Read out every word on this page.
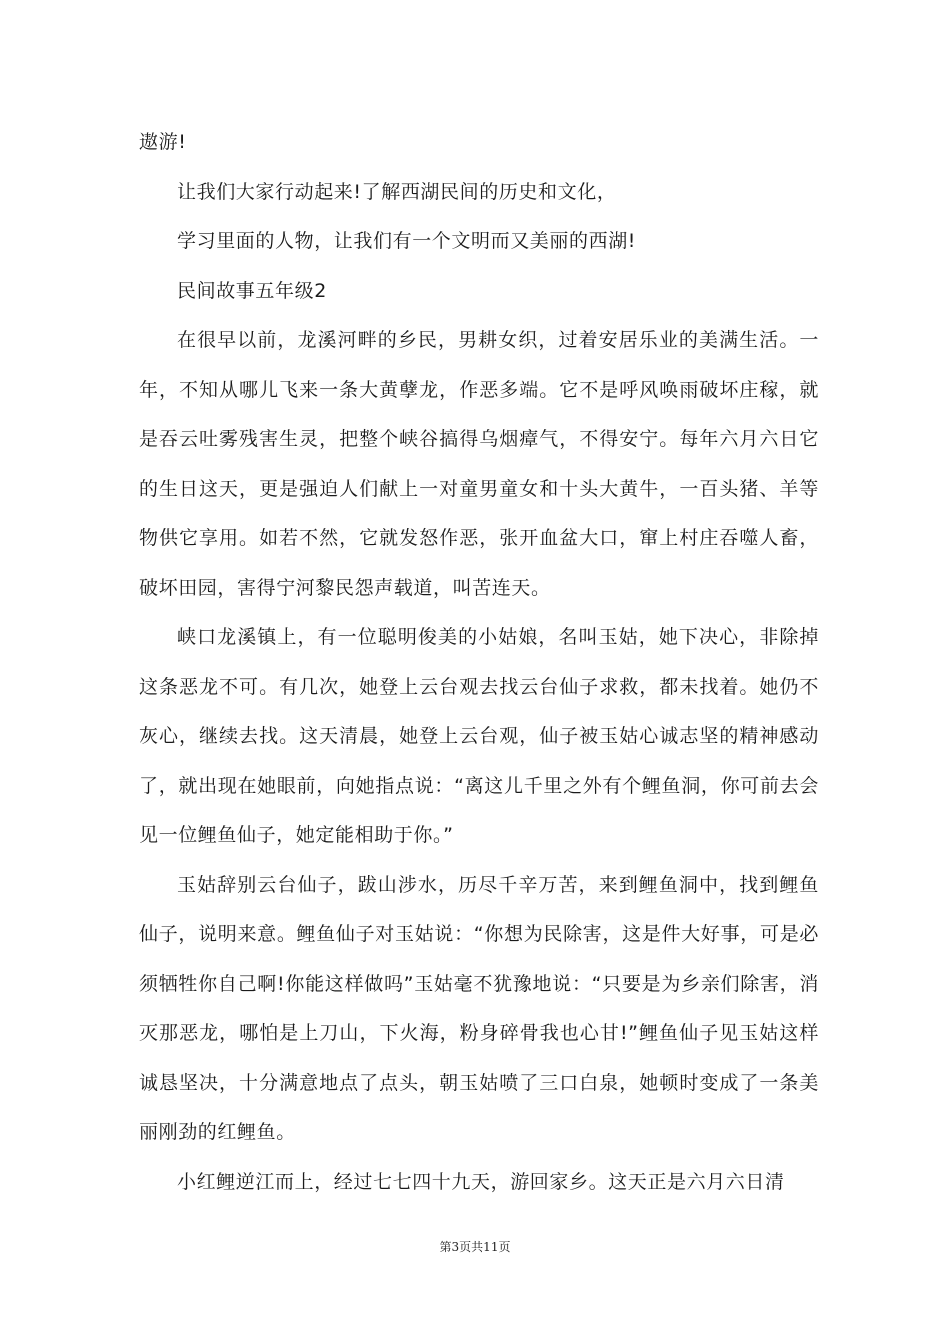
遨游!

让我们大家行动起来!了解西湖民间的历史和文化，

学习里面的人物，让我们有一个文明而又美丽的西湖!

民间故事五年级2

在很早以前，龙溪河畔的乡民，男耕女织，过着安居乐业的美满生活。一年，不知从哪儿飞来一条大黄孽龙，作恶多端。它不是呼风唤雨破坏庄稼，就是吞云吐雾残害生灵，把整个峡谷搞得乌烟瘴气，不得安宁。每年六月六日它的生日这天，更是强迫人们献上一对童男童女和十头大黄牛，一百头猪、羊等物供它享用。如若不然，它就发怒作恶，张开血盆大口，窜上村庄吞噬人畜，破坏田园，害得宁河黎民怨声载道，叫苦连天。

峡口龙溪镇上，有一位聪明俊美的小姑娘，名叫玉姑，她下决心，非除掉这条恶龙不可。有几次，她登上云台观去找云台仙子求救，都未找着。她仍不灰心，继续去找。这天清晨，她登上云台观，仙子被玉姑心诚志坚的精神感动了，就出现在她眼前，向她指点说：“离这儿千里之外有个鲤鱼洞，你可前去会见一位鲤鱼仙子，她定能相助于你。”

玉姑辞别云台仙子，跋山涉水，历尽千辛万苦，来到鲤鱼洞中，找到鲤鱼仙子，说明来意。鲤鱼仙子对玉姑说：“你想为民除害，这是件大好事，可是必须牺牲你自己啊!你能这样做吗”玉姑毫不犹豫地说：“只要是为乡亲们除害，消灭那恶龙，哪怕是上刀山，下火海，粉身碎骨我也心甘!”鲤鱼仙子见玉姑这样诚恳坚决，十分满意地点了点头，朝玉姑喷了三口白泉，她顿时变成了一条美丽刚劲的红鲤鱼。

小红鲤逆江而上，经过七七四十九天，游回家乡。这天正是六月六日清

第3页共11页
